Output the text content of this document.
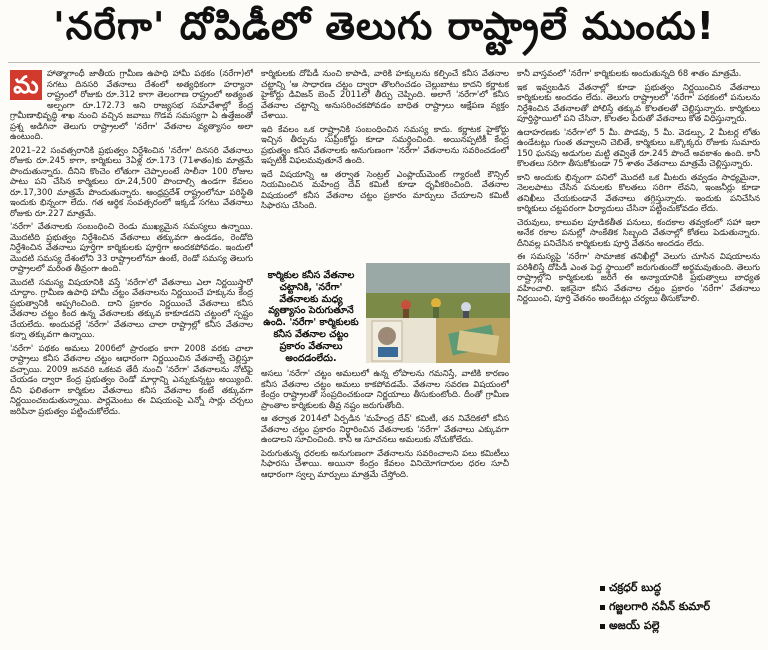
'నరేగా' దోపిడీలో తెలుగు రాష్ట్రాలే ముందు!
మ హాత్మాగాంధీ జాతీయ గ్రామీణ ఉపాధి హామీ పథకం (నరేగా)లో సగటు దినసరి వేతనాలు దేశంలో అత్యధికంగా హర్యానా రాష్ట్రంలో రోజుకు రూ.312 కాగా తెలంగాణ రాష్ట్రంలో అత్యంత అల్పంగా రూ.172.73 అని రాజ్యసభ సమావేశాల్లో కేంద్ర గ్రామీణాభివృద్ధి శాఖ నుంచి వచ్చిన జవాబు గొడవ సమస్యగా ఏ ఉత్తేజంతో ప్రశ్న అడిగినా తెలుగు రాష్ట్రాలలో 'నరేగా' వేతనాల వ్యత్యాసం అలా ఉంటుంది.

2021–22 సంవత్సరానికి ప్రభుత్వం నిర్దేశించిన 'నరేగా' దినసరి వేతనాలు రోజుకు రూ.245 కాగా, కార్మికులు 3ఏళ్ల రూ.173 (71శాతం)కు మాత్రమే పొందుతున్నారు. దీనిని కొంచెం లోతుగా చెప్పాలంటే సాలీనా 100 రోజుల పాటు పని చేసిన కార్మికులు రూ.24,500 పొందాల్సి ఉండగా కేవలం రూ.17,300 మాత్రమే పొందుతున్నారు. ఆంధ్రప్రదేశ్ రాష్ట్రంలోనూ పరిస్థితి ఇందుకు భిన్నంగా లేదు. గత ఆర్థిక సంవత్సరంలో ఇక్కడ సగటు వేతనాలు రోజుకు రూ.227 మాత్రమే.

'నరేగా' వేతనాలకు సంబంధించి రెండు ముఖ్యమైన సమస్యలు ఉన్నాయి. మొదటిది ప్రభుత్వం నిర్దేశించిన వేతనాలు తక్కువగా ఉండడం, రెండోది నిర్దేశించిన వేతనాలు పూర్తిగా కార్మికులకు పూర్తిగా అందకపోవడం. ఇందులో మొదటి సమస్య దేశంలోని 33 రాష్ట్రాలలోనూ ఉంటే, రెండో సమస్య తెలుగు రాష్ట్రాలలో మరింత తీవ్రంగా ఉంది.

మొదటి సమస్య విషయానికి వస్తే 'నరేగా'లో వేతనాలు ఎలా నిర్ణయిస్తారో చూద్దాం. గ్రామీణ ఉపాధి హామీ చట్టం వేతనాలను నిర్ణయించే హక్కును కేంద్ర ప్రభుత్వానికి అప్పగించింది. దాని ప్రకారం నిర్ణయించే వేతనాలు కనీస వేతనాల చట్టం కింద ఉన్న వేతనాలకు తక్కువ కాకూడదని చట్టంలో స్పష్టం చేయలేదు. అందువల్లే 'నరేగా' వేతనాలు చాలా రాష్ట్రాల్లో కనీస వేతనాల కన్నా తక్కువగా ఉన్నాయి.

'నరేగా' పథకం అమలు 2006లో ప్రారంభం కాగా 2008 వరకు చాలా రాష్ట్రాలు కనీస వేతనాల చట్టం ఆధారంగా నిర్ణయించిన వేతనాల్నే చెల్లిస్తూ వచ్చాయి. 2009 జనవరి ఒకటవ తేదీ నుంచి 'నరేగా' వేతనాలను నోటిఫై చేయడం ద్వారా కేంద్ర ప్రభుత్వం రెండో మార్గాన్ని ఎన్నుకున్నట్టు అయ్యింది. దీని ఫలితంగా కార్మికుల వేతనాలు కనీస వేతనాల కంటే తక్కువగా నిర్ణయించబడుతున్నాయి. పార్లమెంటు ఈ విషయంపై ఎన్నో సార్లు చర్చలు జరిపినా ప్రభుత్వం పట్టించుకోలేదు.

కార్మికులకు దోపిడీ నుంచి కాపాడి, వారికి హక్కులను కల్పించే కనీస వేతనాల చట్టాన్ని 'ఆ సాధారణ చట్టం ద్వారా తొలగించడం చెల్లుబాటు కాదని కర్ణాటక హైకోర్టు డివిజన్ బెంచ్ 2011లో తీర్పు చెప్పింది. అలాగే 'నరేగా'లో కనీస వేతనాల చట్టాన్ని అనుసరించకపోవడం బాధిత రాష్ట్రాలు ఆక్షేపణ వ్యక్తం చేశాయి.

ఇది కేవలం ఒక రాష్ట్రానికి సంబంధించిన సమస్య కాదు. కర్ణాటక హైకోర్టు ఇచ్చిన తీర్పును సుప్రీంకోర్టు కూడా సమర్థించింది. అయినప్పటికీ కేంద్ర ప్రభుత్వం కనీస వేతనాలకు అనుగుణంగా 'నరేగా' వేతనాలను సవరించడంలో ఇప్పటికీ విఫలమవుతూనే ఉంది.

ఇదే విషయాన్ని ఆ తర్వాత సెంట్రల్ ఎంప్లాయ్‌మెంట్ గ్యారంటీ కౌన్సిల్ నియమించిన మహేంద్ర దేవ్ కమిటీ కూడా ధృవీకరించింది. వేతనాల విషయంలో కనీస వేతనాల చట్టం ప్రకారం మార్పులు చేయాలని కమిటీ సిఫారసు చేసింది.

కార్మికుల కనీస వేతనాల చట్టానికి, 'నరేగా' వేతనాలకు మధ్య వ్యత్యాసం పెరుగుతూనే ఉంది. 'నరేగా' కార్మికులకు కనీస వేతనాల చట్టం ప్రకారం వేతనాలు అందడంలేదు.

అసలు 'నరేగా' చట్టం అమలులో ఉన్న లోపాలను గమనిస్తే, వాటికి కారణం కనీస వేతనాల చట్టం అమలు కాకపోవడమే. వేతనాల సవరణ విషయంలో కేంద్రం రాష్ట్రాలతో సంప్రదించకుండా నిర్ణయాలు తీసుకుంటోంది. దీంతో గ్రామీణ ప్రాంతాల కార్మికులకు తీవ్ర నష్టం జరుగుతోంది.

ఆ తర్వాత 2014లో ఏర్పడిన 'మహేంద్ర దేవ్' కమిటీ, తన నివేదికలో కనీస వేతనాల చట్టం ప్రకారం నిర్ధారించిన వేతనాలకు 'నరేగా' వేతనాలు ఎక్కువగా ఉండాలని సూచించింది. కానీ ఆ సూచనలు అమలుకు నోచుకోలేదు.

పెరుగుతున్న ధరలకు అనుగుణంగా వేతనాలను సవరించాలని పలు కమిటీలు సిఫారసు చేశాయి. అయినా కేంద్రం కేవలం వినియోగదారుల ధరల సూచీ ఆధారంగా స్వల్ప మార్పులు మాత్రమే చేస్తోంది.

కానీ వాస్తవంలో 'నరేగా' కార్మికులకు అందుతున్నది 68 శాతం మాత్రమే.

ఇక ఇవ్వబడిన వేతనాల్లో కూడా ప్రభుత్వం నిర్ణయించిన వేతనాలు కార్మికులకు అందడం లేదు. తెలుగు రాష్ట్రాలలో 'నరేగా' పథకంలో పనులను నిర్దేశించిన వేతనాలతో పోలిస్తే తక్కువ కొలతలతో చెల్లిస్తున్నారు. కార్మికులు పూర్తిస్థాయిలో పని చేసినా, కొలతల పేరుతో వేతనాలు కోత విధిస్తున్నారు.

ఉదాహరణకు 'నరేగా'లో 5 మీ. పొడవు, 5 మీ. వెడల్పు, 2 మీటర్ల లోతు ఉండేటట్లు గుంత తవ్వాలని చెబితే, కార్మికులు ఒక్కొక్కరు రోజుకు సుమారు 150 ఘనపు అడుగుల మట్టి తవ్వితే రూ.245 పొందే అవకాశం ఉంది. కానీ కొలతలు సరిగా తీసుకోకుండా 75 శాతం వేతనాలు మాత్రమే చెల్లిస్తున్నారు.

కాని అందుకు భిన్నంగా పనిలో మొదటి ఒక మీటరు తవ్వడం సాధ్యమైనా, నెలలపాటు చేసిన పనులకు కొలతలు సరిగా లేవని, ఇంజనీర్లు కూడా తనిఖీలు చేయకుండానే వేతనాలు తగ్గిస్తున్నారు. ఇందుకు పనిచేసిన కార్మికులు చట్టపరంగా ఫిర్యాదులు చేసినా పట్టించుకోవడం లేదు.

చెరువులు, కాలువల పూడికతీత పనులు, కందకాల తవ్వకంలో సహా ఇలా అనేక రకాల పనుల్లో సాంకేతిక సిబ్బంది వేతనాల్లో కోతలు పెడుతున్నారు. దీనివల్ల పనిచేసిన కార్మికులకు పూర్తి వేతనం అందడం లేదు.

ఈ సమస్యపై 'నరేగా' సామాజిక తనిఖీల్లో వెలుగు చూసిన విషయాలను పరిశీలిస్తే దోపిడీ ఎంత పెద్ద స్థాయిలో జరుగుతుందో అర్థమవుతుంది. తెలుగు రాష్ట్రాల్లోని కార్మికులకు జరిగే ఈ అన్యాయానికి ప్రభుత్వాలు బాధ్యత వహించాలి. ఇకనైనా కనీస వేతనాల చట్టం ప్రకారం 'నరేగా' వేతనాలు నిర్ణయించి, పూర్తి వేతనం అందేటట్లు చర్యలు తీసుకోవాలి.

చక్రధర్ బుద్ధ
గజ్జలగారి నవీన్ కుమార్
అజయ్ పల్లె
